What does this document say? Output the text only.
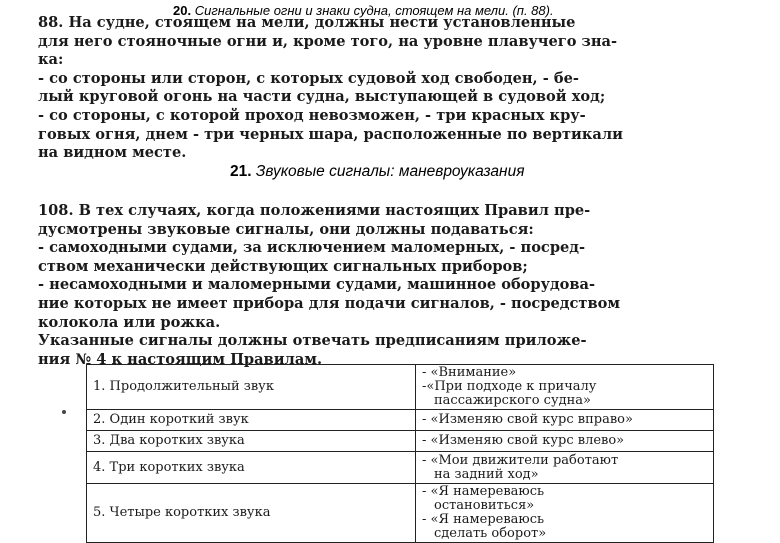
20. Сигнальные огни и знаки судна, стоящем на мели. (п. 88).
88. На судне, стоящем на мели, должны нести установленные
для него стояночные огни и, кроме того, на уровне плавучего зна-
ка:
- со стороны или сторон, с которых судовой ход свободен, - бе-
лый круговой огонь на части судна, выступающей в судовой ход;
- со стороны, с которой проход невозможен, - три красных кру-
говых огня, днем - три черных шара, расположенные по вертикали
на видном месте.
21. Звуковые сигналы: маневроуказания
108. В тех случаях, когда положениями настоящих Правил пре-
дусмотрены звуковые сигналы, они должны подаваться:
- самоходными судами, за исключением маломерных, - посред-
ством механически действующих сигнальных приборов;
- несамоходными и маломерными судами, машинное оборудова-
ние которых не имеет прибора для подачи сигналов, - посредством
колокола или рожка.
Указанные сигналы должны отвечать предписаниям приложе-
ния № 4 к настоящим Правилам.
1. Продолжительный звук	- «Внимание»
-«При подходе к причалу
пассажирского судна»

2. Один короткий звук	- «Изменяю свой курс вправо»

3. Два коротких звука	- «Изменяю свой курс влево»

4. Три коротких звука	- «Мои движители работают
на задний ход»

5. Четыре коротких звука	- «Я намереваюсь
остановиться»
- «Я намереваюсь
сделать оборот»
